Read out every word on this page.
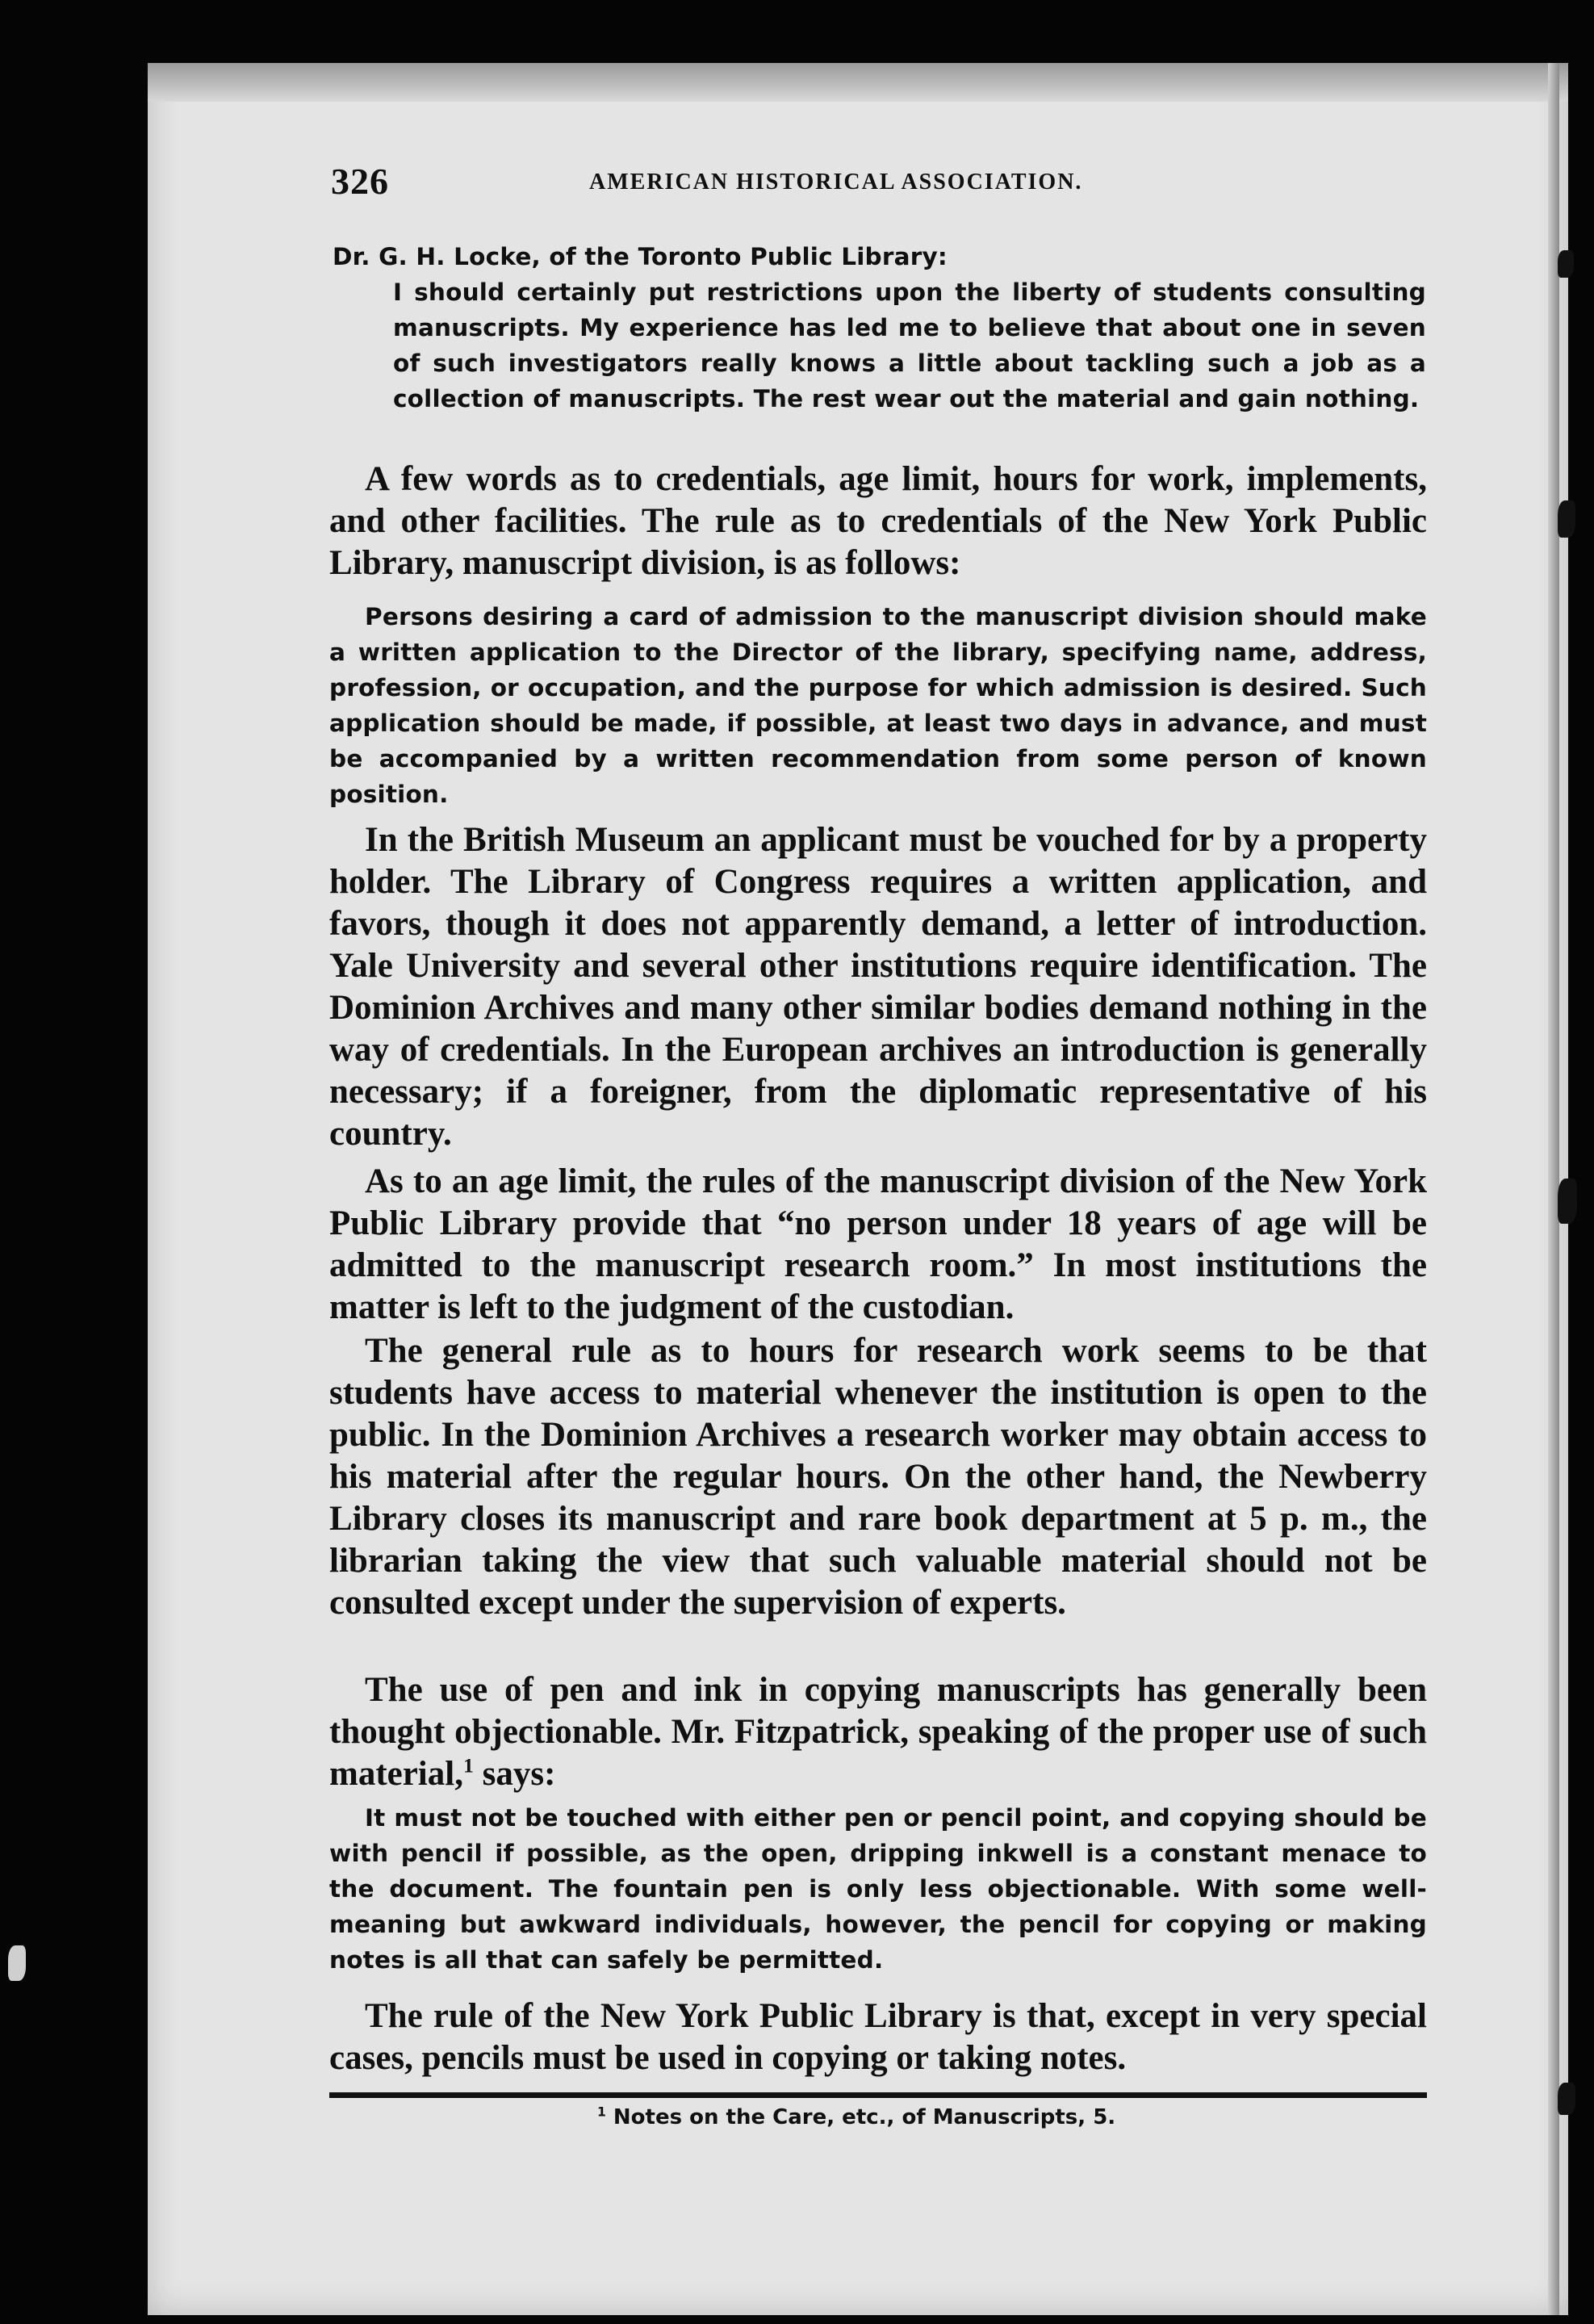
326	AMERICAN HISTORICAL ASSOCIATION.
Dr. G. H. Locke, of the Toronto Public Library:
I should certainly put restrictions upon the liberty of students consulting manuscripts. My experience has led me to believe that about one in seven of such investigators really knows a little about tackling such a job as a collection of manuscripts. The rest wear out the material and gain nothing.
A few words as to credentials, age limit, hours for work, implements, and other facilities. The rule as to credentials of the New York Public Library, manuscript division, is as follows:
Persons desiring a card of admission to the manuscript division should make a written application to the Director of the library, specifying name, address, profession, or occupation, and the purpose for which admission is desired. Such application should be made, if possible, at least two days in advance, and must be accompanied by a written recommendation from some person of known position.
In the British Museum an applicant must be vouched for by a property holder. The Library of Congress requires a written application, and favors, though it does not apparently demand, a letter of introduction. Yale University and several other institutions require identification. The Dominion Archives and many other similar bodies demand nothing in the way of credentials. In the European archives an introduction is generally necessary; if a foreigner, from the diplomatic representative of his country.
As to an age limit, the rules of the manuscript division of the New York Public Library provide that “no person under 18 years of age will be admitted to the manuscript research room.” In most institutions the matter is left to the judgment of the custodian.
The general rule as to hours for research work seems to be that students have access to material whenever the institution is open to the public. In the Dominion Archives a research worker may obtain access to his material after the regular hours. On the other hand, the Newberry Library closes its manuscript and rare book department at 5 p. m., the librarian taking the view that such valuable material should not be consulted except under the supervision of experts.
The use of pen and ink in copying manuscripts has generally been thought objectionable. Mr. Fitzpatrick, speaking of the proper use of such material,$^1$ says:
It must not be touched with either pen or pencil point, and copying should be with pencil if possible, as the open, dripping inkwell is a constant menace to the document. The fountain pen is only less objectionable. With some well-meaning but awkward individuals, however, the pencil for copying or making notes is all that can safely be permitted.
The rule of the New York Public Library is that, except in very special cases, pencils must be used in copying or taking notes.
$^1$ Notes on the Care, etc., of Manuscripts, 5.
